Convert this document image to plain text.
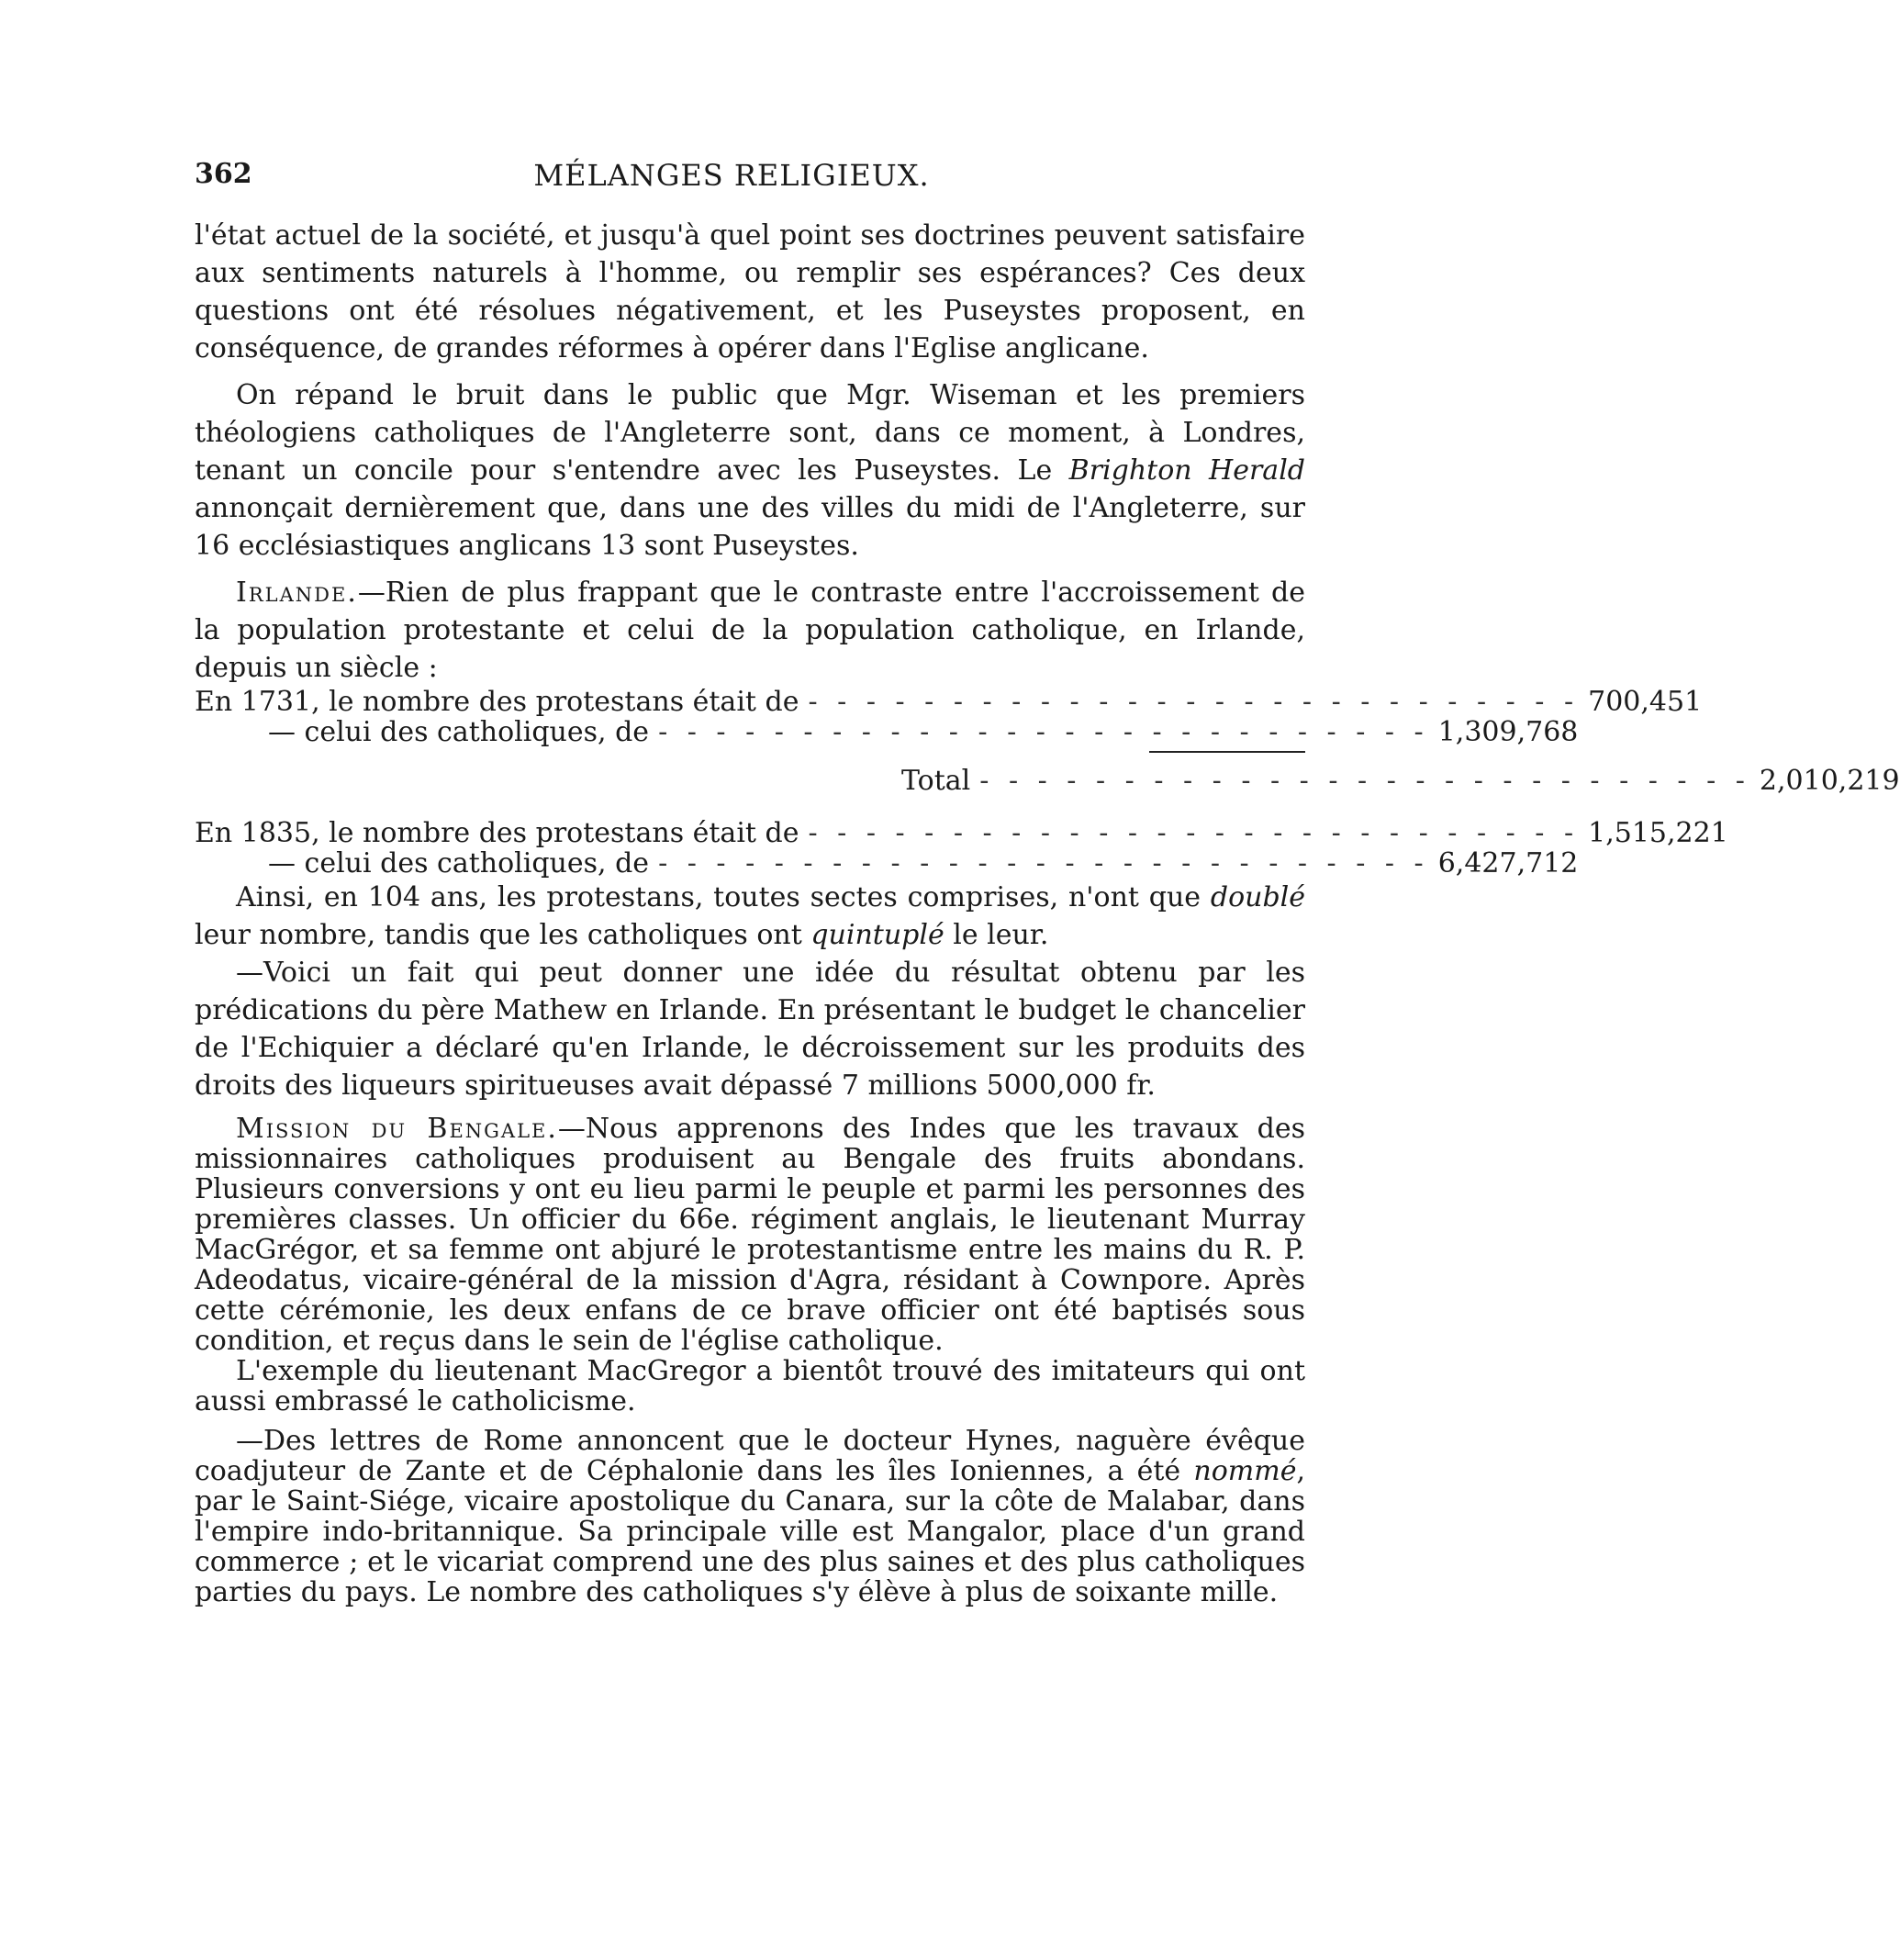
362	MÉLANGES RELIGIEUX.

l'état actuel de la société, et jusqu'à quel point ses doctrines peuvent satisfaire aux sentiments naturels à l'homme, ou remplir ses espérances? Ces deux questions ont été résolues négativement, et les Puseystes proposent, en conséquence, de grandes réformes à opérer dans l'Eglise anglicane.

On répand le bruit dans le public que Mgr. Wiseman et les premiers théologiens catholiques de l'Angleterre sont, dans ce moment, à Londres, tenant un concile pour s'entendre avec les Puseystes. Le Brighton Herald annonçait dernièrement que, dans une des villes du midi de l'Angleterre, sur 16 ecclésiastiques anglicans 13 sont Puseystes.

Irlande.—Rien de plus frappant que le contraste entre l'accroissement de la population protestante et celui de la population catholique, en Irlande, depuis un siècle :

En 1731, le nombre des protestans était de - - - - - - - - - - - - - - - - - - - - - - - - - - - 700,451
— celui des catholiques, de - - - - - - - - - - - - - - - - - - - - - - - - - - - 1,309,768
Total - - - - - - - - - - - - - - - - - - - - - - - - - - - 2,010,219
En 1835, le nombre des protestans était de - - - - - - - - - - - - - - - - - - - - - - - - - - - 1,515,221
— celui des catholiques, de - - - - - - - - - - - - - - - - - - - - - - - - - - - 6,427,712

Ainsi, en 104 ans, les protestans, toutes sectes comprises, n'ont que doublé leur nombre, tandis que les catholiques ont quintuplé le leur.

—Voici un fait qui peut donner une idée du résultat obtenu par les prédications du père Mathew en Irlande. En présentant le budget le chancelier de l'Echiquier a déclaré qu'en Irlande, le décroissement sur les produits des droits des liqueurs spiritueuses avait dépassé 7 millions 5000,000 fr.

Mission du Bengale.—Nous apprenons des Indes que les travaux des missionnaires catholiques produisent au Bengale des fruits abondans. Plusieurs conversions y ont eu lieu parmi le peuple et parmi les personnes des premières classes. Un officier du 66e. régiment anglais, le lieutenant Murray MacGrégor, et sa femme ont abjuré le protestantisme entre les mains du R. P. Adeodatus, vicaire-général de la mission d'Agra, résidant à Cownpore. Après cette cérémonie, les deux enfans de ce brave officier ont été baptisés sous condition, et reçus dans le sein de l'église catholique.

L'exemple du lieutenant MacGregor a bientôt trouvé des imitateurs qui ont aussi embrassé le catholicisme.

—Des lettres de Rome annoncent que le docteur Hynes, naguère évêque coadjuteur de Zante et de Céphalonie dans les îles Ioniennes, a été nommé, par le Saint-Siége, vicaire apostolique du Canara, sur la côte de Malabar, dans l'empire indo-britannique. Sa principale ville est Mangalor, place d'un grand commerce ; et le vicariat comprend une des plus saines et des plus catholiques parties du pays. Le nombre des catholiques s'y élève à plus de soixante mille.
